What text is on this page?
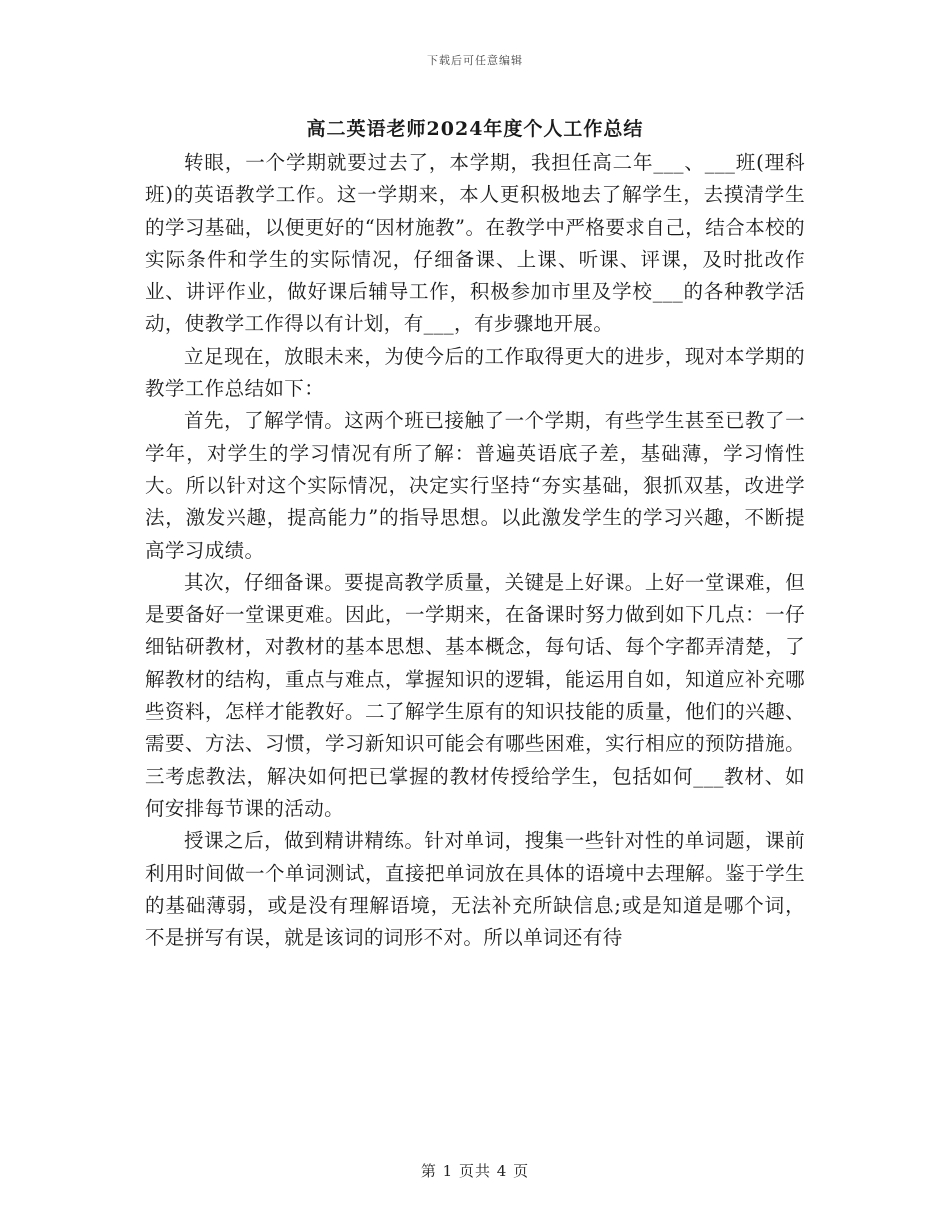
下载后可任意编辑
高二英语老师2024年度个人工作总结

转眼，一个学期就要过去了，本学期，我担任高二年___、___班(理科班)的英语教学工作。这一学期来，本人更积极地去了解学生，去摸清学生的学习基础，以便更好的“因材施教”。在教学中严格要求自己，结合本校的实际条件和学生的实际情况，仔细备课、上课、听课、评课，及时批改作业、讲评作业，做好课后辅导工作，积极参加市里及学校___的各种教学活动，使教学工作得以有计划，有___，有步骤地开展。

立足现在，放眼未来，为使今后的工作取得更大的进步，现对本学期的教学工作总结如下：

首先，了解学情。这两个班已接触了一个学期，有些学生甚至已教了一学年，对学生的学习情况有所了解：普遍英语底子差，基础薄，学习惰性大。所以针对这个实际情况，决定实行坚持“夯实基础，狠抓双基，改进学法，激发兴趣，提高能力”的指导思想。以此激发学生的学习兴趣，不断提高学习成绩。

其次，仔细备课。要提高教学质量，关键是上好课。上好一堂课难，但是要备好一堂课更难。因此，一学期来，在备课时努力做到如下几点：一仔细钻研教材，对教材的基本思想、基本概念，每句话、每个字都弄清楚，了解教材的结构，重点与难点，掌握知识的逻辑，能运用自如，知道应补充哪些资料，怎样才能教好。二了解学生原有的知识技能的质量，他们的兴趣、需要、方法、习惯，学习新知识可能会有哪些困难，实行相应的预防措施。三考虑教法，解决如何把已掌握的教材传授给学生，包括如何___教材、如何安排每节课的活动。

授课之后，做到精讲精练。针对单词，搜集一些针对性的单词题，课前利用时间做一个单词测试，直接把单词放在具体的语境中去理解。鉴于学生的基础薄弱，或是没有理解语境，无法补充所缺信息;或是知道是哪个词，不是拼写有误，就是该词的词形不对。所以单词还有待

第 1 页共 4 页
